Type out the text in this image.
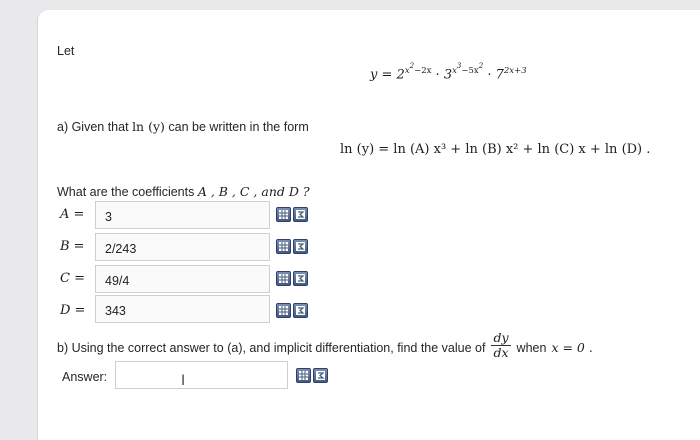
Let
$y = 2^{x^2-2x} \cdot 3^{x^3-5x^2} \cdot 7^{2x+3}$
a) Given that ln (y) can be written in the form
ln (y) = ln (A) x³ + ln (B) x² + ln (C) x + ln (D) .
What are the coefficients A , B , C , and D ?
A =	3
B =	2/243
C =	49/4
D =	343
b) Using the correct answer to (a), and implicit differentiation, find the value of $\frac{dy}{dx}$ when x = 0 .
Answer:	I
